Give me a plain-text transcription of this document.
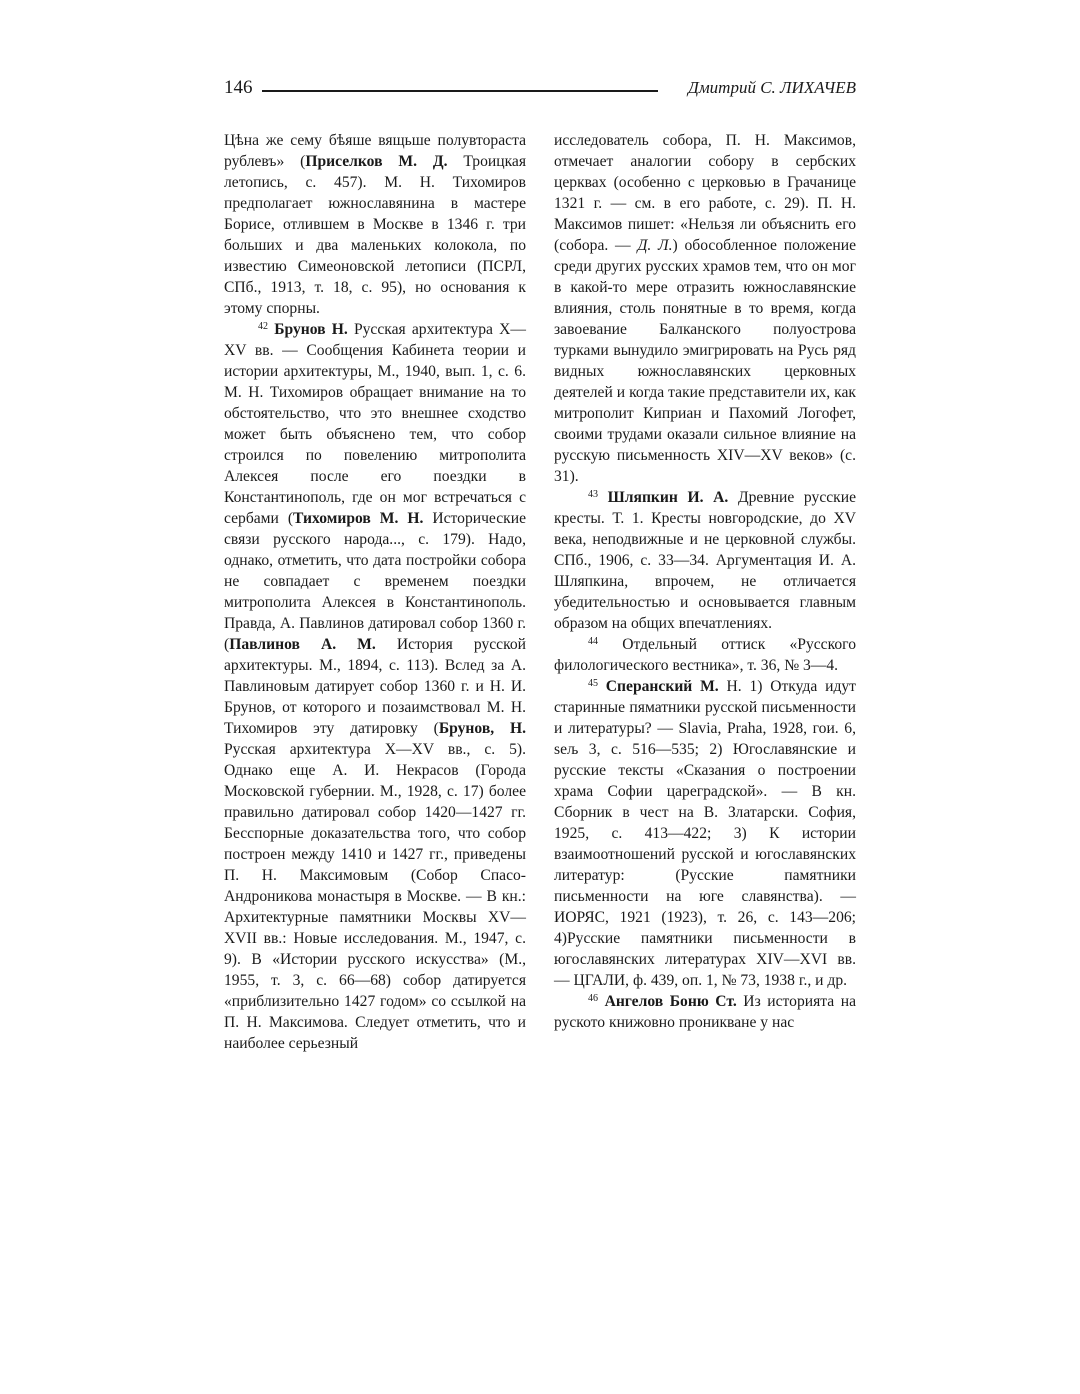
146	Дмитрий С. ЛИХАЧЕВ

Цѣна же сему бѣяше вящьше полувтораста рублевъ» (Приселков М. Д. Троицкая летопись, с. 457). М. Н. Тихомиров предполагает южнославянина в мастере Борисе, отлившем в Москве в 1346 г. три больших и два маленьких колокола, по известию Симеоновской летописи (ПСРЛ, СПб., 1913, т. 18, с. 95), но основания к этому спорны.

$^{42}$ Брунов Н. Русская архитектура X—XV вв. — Сообщения Кабинета теории и истории архитектуры, М., 1940, вып. 1, с. 6. М. Н. Тихомиров обращает внимание на то обстоятельство, что это внешнее сходство может быть объяснено тем, что собор строился по повелению митрополита Алексея после его поездки в Константинополь, где он мог встречаться с сербами (Тихомиров М. Н. Исторические связи русского народа..., с. 179). Надо, однако, отметить, что дата постройки собора не совпадает с временем поездки митрополита Алексея в Константинополь. Правда, А. Павлинов датировал собор 1360 г. (Павлинов А. М. История русской архитектуры. М., 1894, с. 113). Вслед за А. Павлиновым датирует собор 1360 г. и Н. И. Брунов, от которого и позаимствовал М. Н. Тихомиров эту датировку (Брунов, Н. Русская архитектура X—XV вв., с. 5). Однако еще А. И. Некрасов (Города Московской губернии. М., 1928, с. 17) более правильно датировал собор 1420—1427 гг. Бесспорные доказательства того, что собор построен между 1410 и 1427 гг., приведены П. Н. Максимовым (Собор Спасо-Андроникова монастыря в Москве. — В кн.: Архитектурные памятники Москвы XV—XVII вв.: Новые исследования. М., 1947, с. 9). В «Истории русского искусства» (М., 1955, т. 3, с. 66—68) собор датируется «приблизительно 1427 годом» со ссылкой на П. Н. Максимова. Следует отметить, что и наиболее серьезный

исследователь собора, П. Н. Максимов, отмечает аналогии собору в сербских церквах (особенно с церковью в Грачанице 1321 г. — см. в его работе, с. 29). П. Н. Максимов пишет: «Нельзя ли объяснить его (собора. — Д. Л.) обособленное положение среди других русских храмов тем, что он мог в какой-то мере отразить южнославянские влияния, столь понятные в то время, когда завоевание Балканского полуострова турками вынудило эмигрировать на Русь ряд видных южнославянских церковных деятелей и когда такие представители их, как митрополит Киприан и Пахомий Логофет, своими трудами оказали сильное влияние на русскую письменность XIV—XV веков» (с. 31).

$^{43}$ Шляпкин И. А. Древние русские кресты. Т. 1. Кресты новгородские, до XV века, неподвижные и не церковной службы. СПб., 1906, с. 33—34. Аргументация И. А. Шляпкина, впрочем, не отличается убедительностью и основывается главным образом на общих впечатлениях.

$^{44}$ Отдельный оттиск «Русского филологического вестника», т. 36, № 3—4.

$^{45}$ Сперанский М. Н. 1) Откуда идут старинные пяматники русской письменности и литературы? — Slavia, Praha, 1928, гои. 6, seљ 3, с. 516—535; 2) Югославянские и русские тексты «Сказания о построении храма Софии цареградской». — В кн. Сборник в чест на В. Златарски. София, 1925, с. 413—422; 3) К истории взаимоотношений русской и югославянских литератур: (Русские памятники письменности на юге славянства). — ИОРЯС, 1921 (1923), т. 26, с. 143—206; 4)Русские памятники письменности в югославянских литературах XIV—XVI вв. — ЦГАЛИ, ф. 439, оп. 1, № 73, 1938 г., и др.

$^{46}$ Ангелов Боню Ст. Из историята на руското книжовно проникване у нас
